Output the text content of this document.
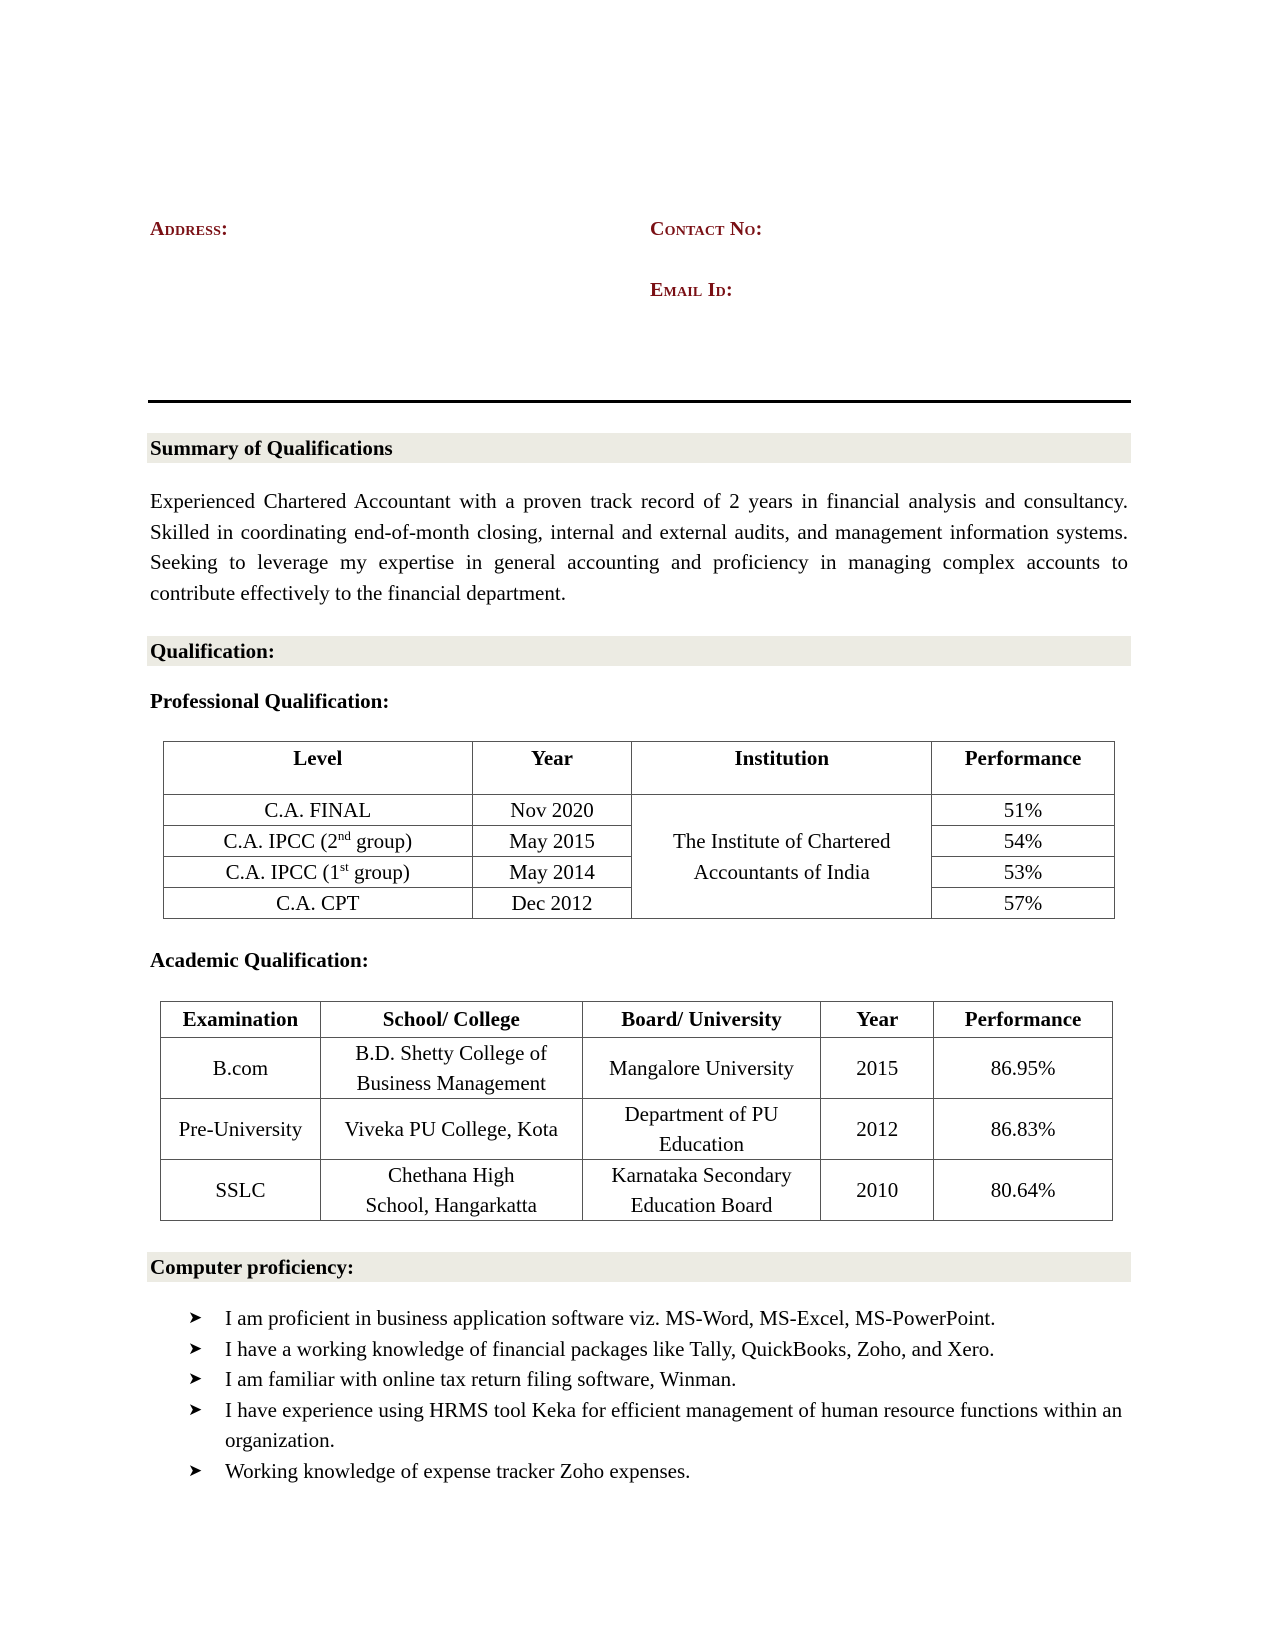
Address:	Contact No:
Email Id:
Summary of Qualifications
Experienced Chartered Accountant with a proven track record of 2 years in financial analysis and consultancy. Skilled in coordinating end-of-month closing, internal and external audits, and management information systems. Seeking to leverage my expertise in general accounting and proficiency in managing complex accounts to contribute effectively to the financial department.
Qualification:
Professional Qualification:
Level	Year	Institution	Performance
C.A. FINAL	Nov 2020	The Institute of Chartered Accountants of India	51%
C.A. IPCC (2nd group)	May 2015		54%
C.A. IPCC (1st group)	May 2014		53%
C.A. CPT	Dec 2012		57%
Academic Qualification:
Examination	School/ College	Board/ University	Year	Performance
B.com	B.D. Shetty College of Business Management	Mangalore University	2015	86.95%
Pre-University	Viveka PU College, Kota	Department of PU Education	2012	86.83%
SSLC	Chethana High School, Hangarkatta	Karnataka Secondary Education Board	2010	80.64%
Computer proficiency:
➤ I am proficient in business application software viz. MS-Word, MS-Excel, MS-PowerPoint.
➤ I have a working knowledge of financial packages like Tally, QuickBooks, Zoho, and Xero.
➤ I am familiar with online tax return filing software, Winman.
➤ I have experience using HRMS tool Keka for efficient management of human resource functions within an organization.
➤ Working knowledge of expense tracker Zoho expenses.
